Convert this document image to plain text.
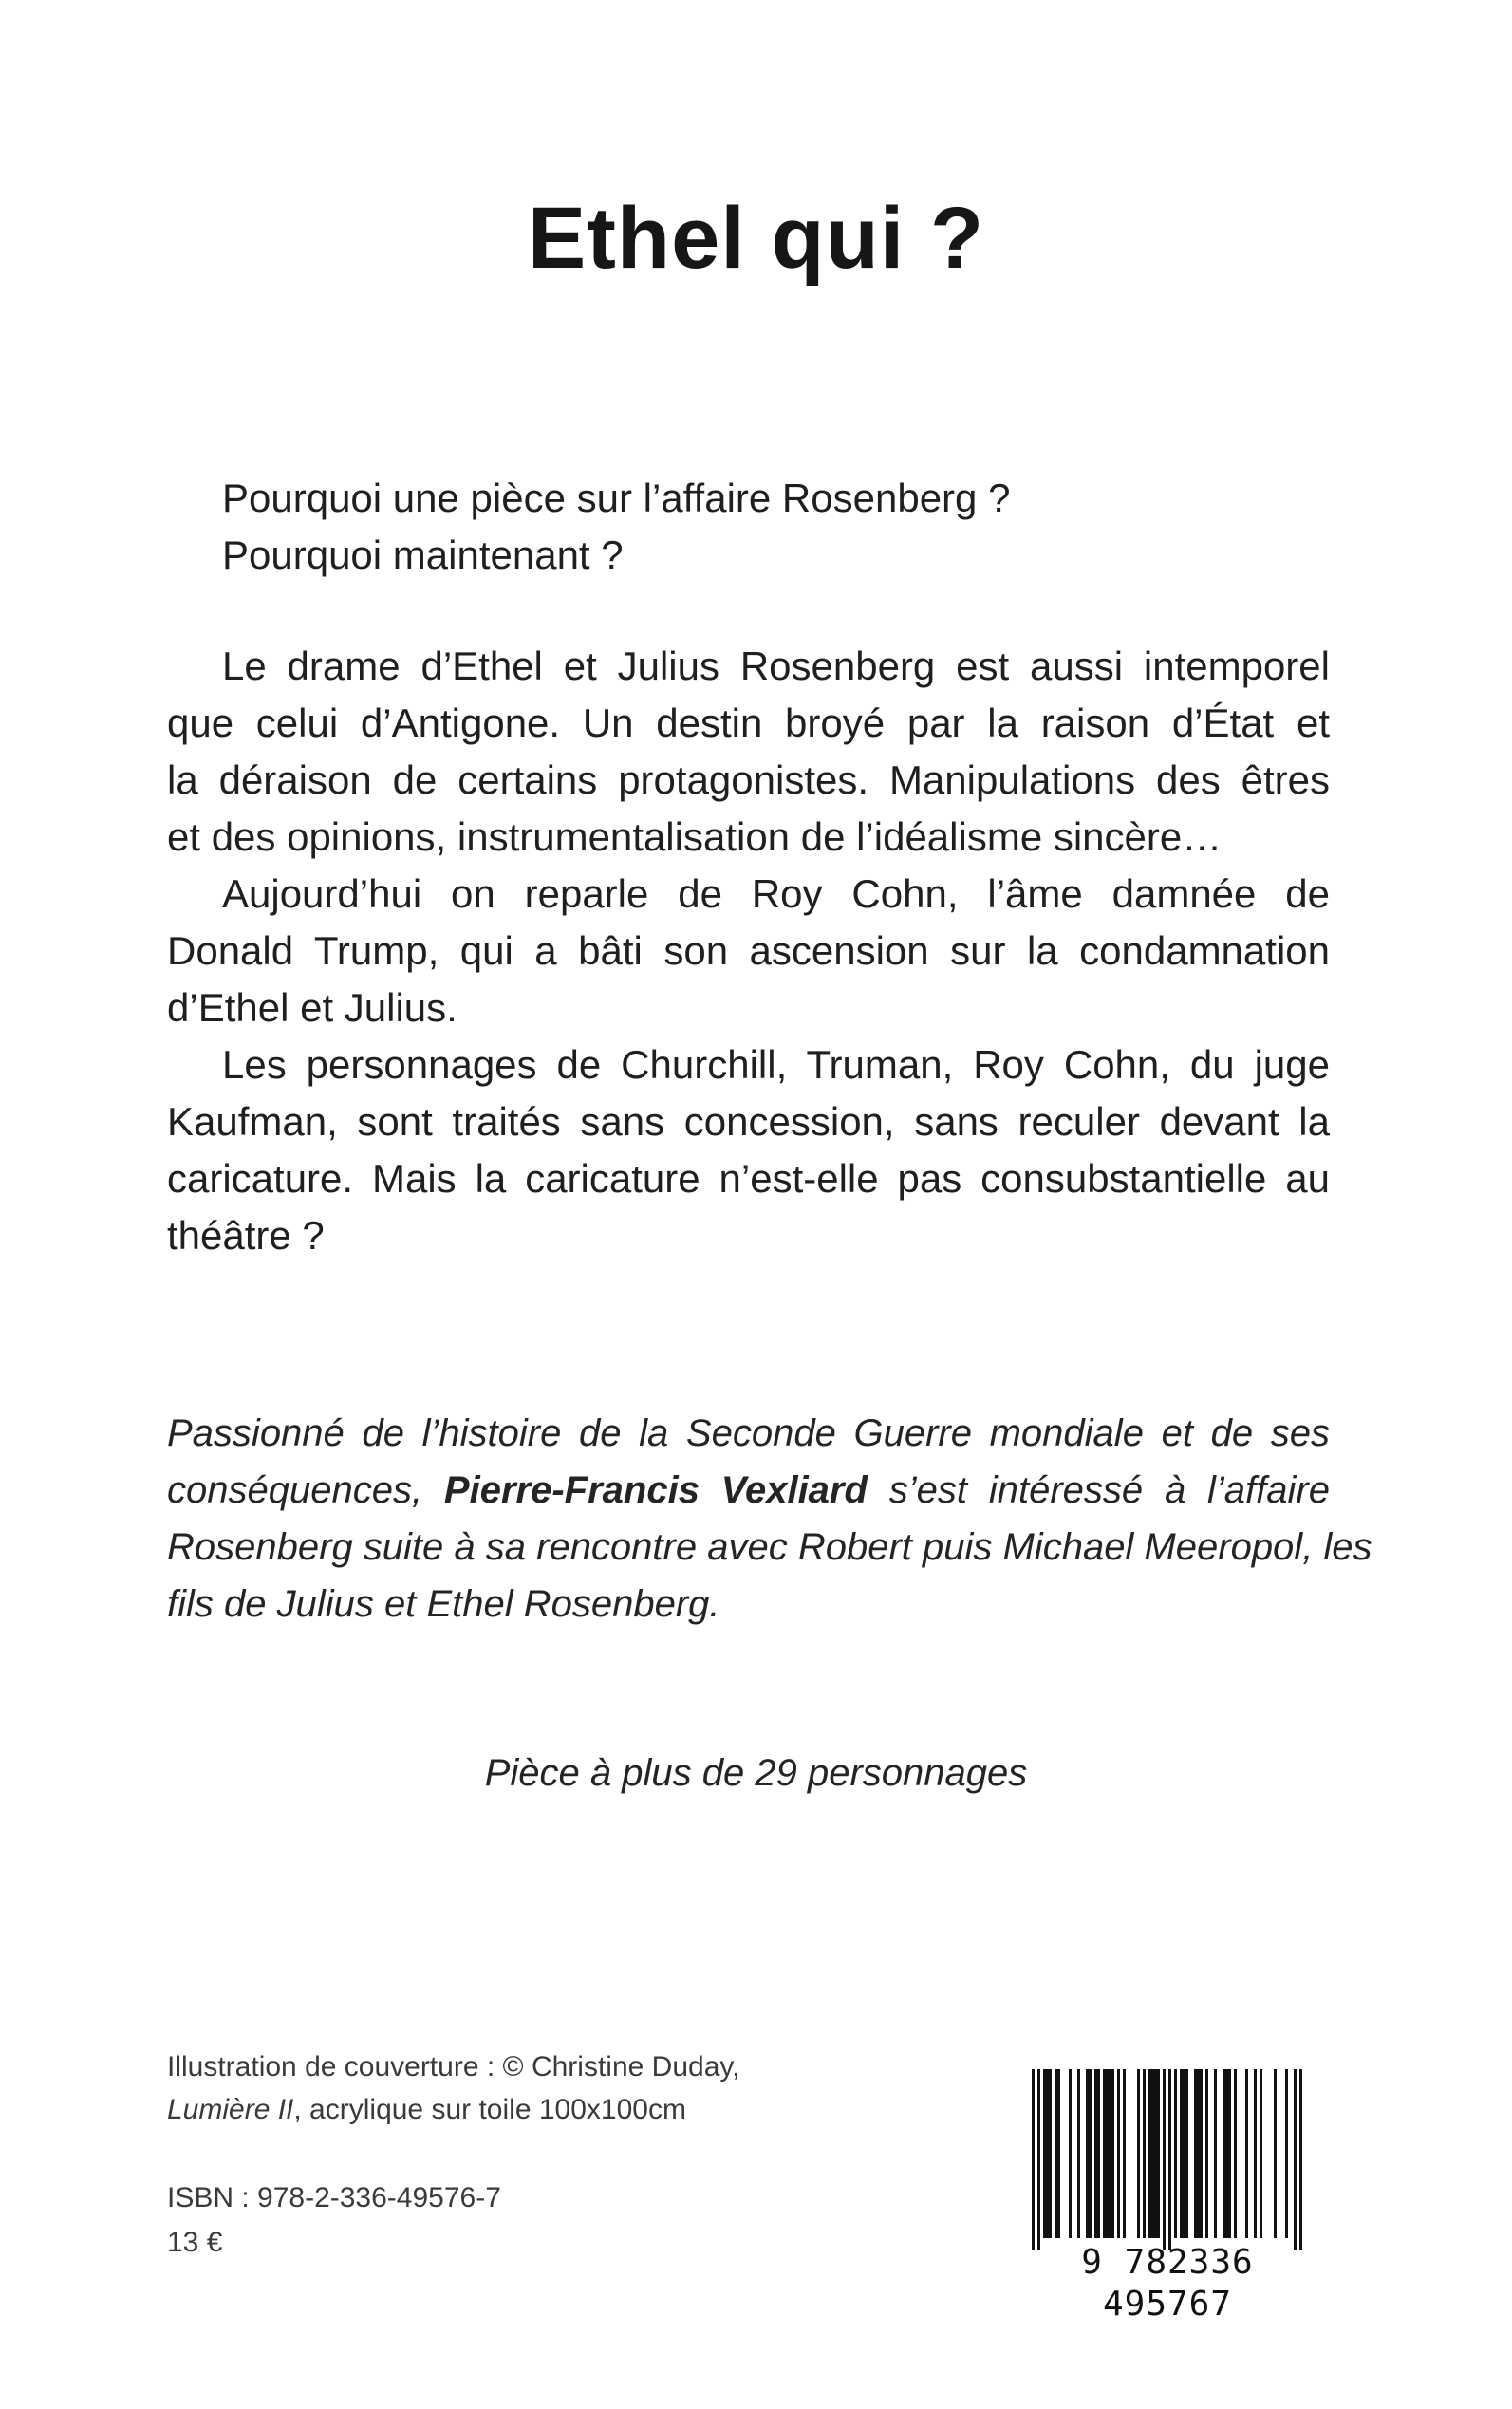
Ethel qui ?
Pourquoi une pièce sur l’affaire Rosenberg ?
Pourquoi maintenant ?
Le drame d’Ethel et Julius Rosenberg est aussi intemporel
que celui d’Antigone. Un destin broyé par la raison d’État et
la déraison de certains protagonistes. Manipulations des êtres
et des opinions, instrumentalisation de l’idéalisme sincère…
Aujourd’hui on reparle de Roy Cohn, l’âme damnée de
Donald Trump, qui a bâti son ascension sur la condamnation
d’Ethel et Julius.
Les personnages de Churchill, Truman, Roy Cohn, du juge
Kaufman, sont traités sans concession, sans reculer devant la
caricature. Mais la caricature n’est-elle pas consubstantielle au
théâtre ?
Passionné de l’histoire de la Seconde Guerre mondiale et de ses
conséquences, Pierre-Francis Vexliard s’est intéressé à l’affaire
Rosenberg suite à sa rencontre avec Robert puis Michael Meeropol, les
fils de Julius et Ethel Rosenberg.
Pièce à plus de 29 personnages
Illustration de couverture : © Christine Duday,
Lumière II, acrylique sur toile 100x100cm
ISBN : 978-2-336-49576-7
13 €
9 782336 495767
